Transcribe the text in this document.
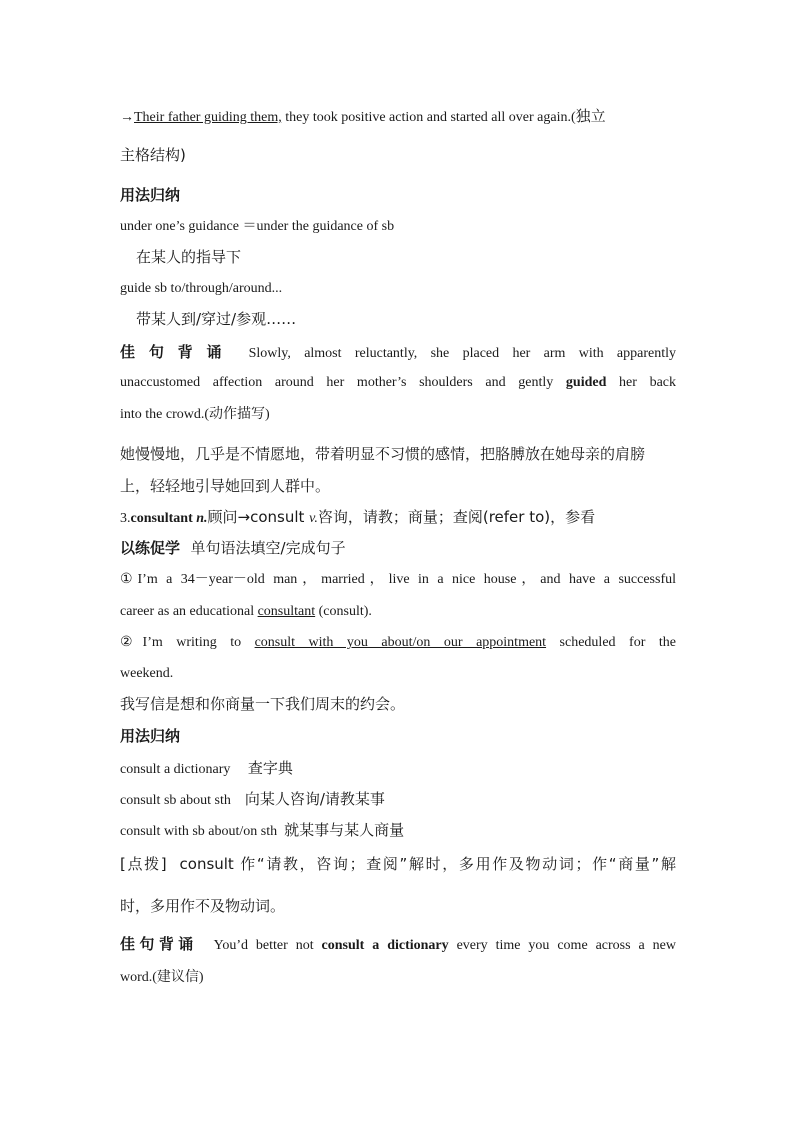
→Their father guiding them, they took positive action and started all over again.(独立
主格结构)
用法归纳
under one’s guidance ＝under the guidance of sb
在某人的指导下
guide sb to/through/around...
带某人到/穿过/参观……
佳句背诵 Slowly, almost reluctantly, she placed her arm with apparently
unaccustomed affection around her mother’s shoulders and gently guided her back
into the crowd.(动作描写)
她慢慢地，几乎是不情愿地，带着明显不习惯的感情，把胳膊放在她母亲的肩膀
上，轻轻地引导她回到人群中。
3.consultant n.顾问→consult v.咨询，请教；商量；查阅(refer to)，参看
以练促学 单句语法填空/完成句子
①I’m a 34－year－old man，married，live in a nice house，and have a successful
career as an educational consultant (consult).
②I’m writing to consult with you about/on our appointment scheduled for the
weekend.
我写信是想和你商量一下我们周末的约会。
用法归纳
consult a dictionary 查字典
consult sb about sth 向某人咨询/请教某事
consult with sb about/on sth 就某事与某人商量
[点拨] consult 作“请教，咨询；查阅”解时，多用作及物动词；作“商量”解
时，多用作不及物动词。
佳句背诵 You’d better not consult a dictionary every time you come across a new
word.(建议信)
